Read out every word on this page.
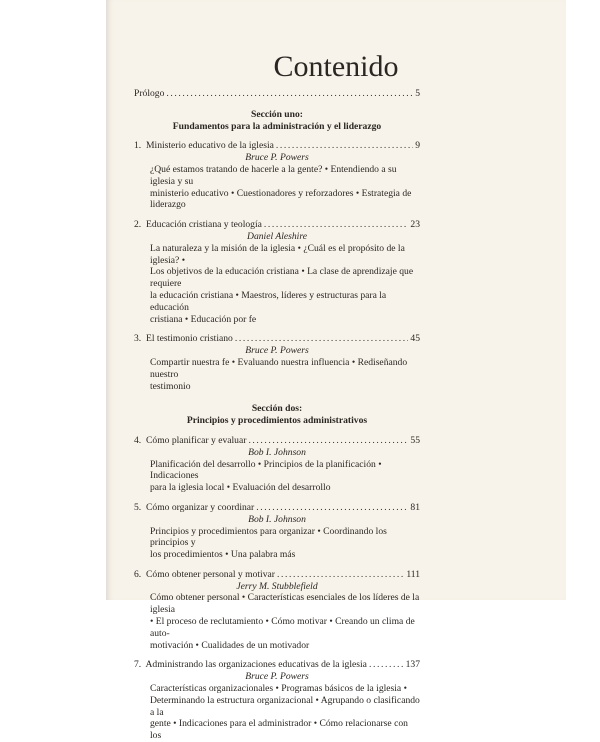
Contenido
Prólogo .....	5
Sección uno:
Fundamentos para la administración y el liderazgo
1.  Ministerio educativo de la iglesia .....	9
Bruce P. Powers
¿Qué estamos tratando de hacerle a la gente? • Entendiendo a su iglesia y su
ministerio educativo • Cuestionadores y reforzadores • Estrategia de
liderazgo
2.  Educación cristiana y teología .....	23
Daniel Aleshire
La naturaleza y la misión de la iglesia • ¿Cuál es el propósito de la iglesia? •
Los objetivos de la educación cristiana • La clase de aprendizaje que requiere
la educación cristiana • Maestros, líderes y estructuras para la educación
cristiana • Educación por fe
3.  El testimonio cristiano .....	45
Bruce P. Powers
Compartir nuestra fe • Evaluando nuestra influencia • Rediseñando nuestro
testimonio
Sección dos:
Principios y procedimientos administrativos
4.  Cómo planificar y evaluar .....	55
Bob I. Johnson
Planificación del desarrollo • Principios de la planificación • Indicaciones
para la iglesia local • Evaluación del desarrollo
5.  Cómo organizar y coordinar .....	81
Bob I. Johnson
Principios y procedimientos para organizar • Coordinando los principios y
los procedimientos • Una palabra más
6.  Cómo obtener personal y motivar .....	111
Jerry M. Stubblefield
Cómo obtener personal • Características esenciales de los líderes de la iglesia
• El proceso de reclutamiento • Cómo motivar • Creando un clima de auto-
motivación • Cualidades de un motivador
7.  Administrando las organizaciones educativas de la iglesia .....	137
Bruce P. Powers
Características organizacionales • Programas básicos de la iglesia •
Determinando la estructura organizacional • Agrupando o clasificando a la
gente • Indicaciones para el administrador • Cómo relacionarse con los
